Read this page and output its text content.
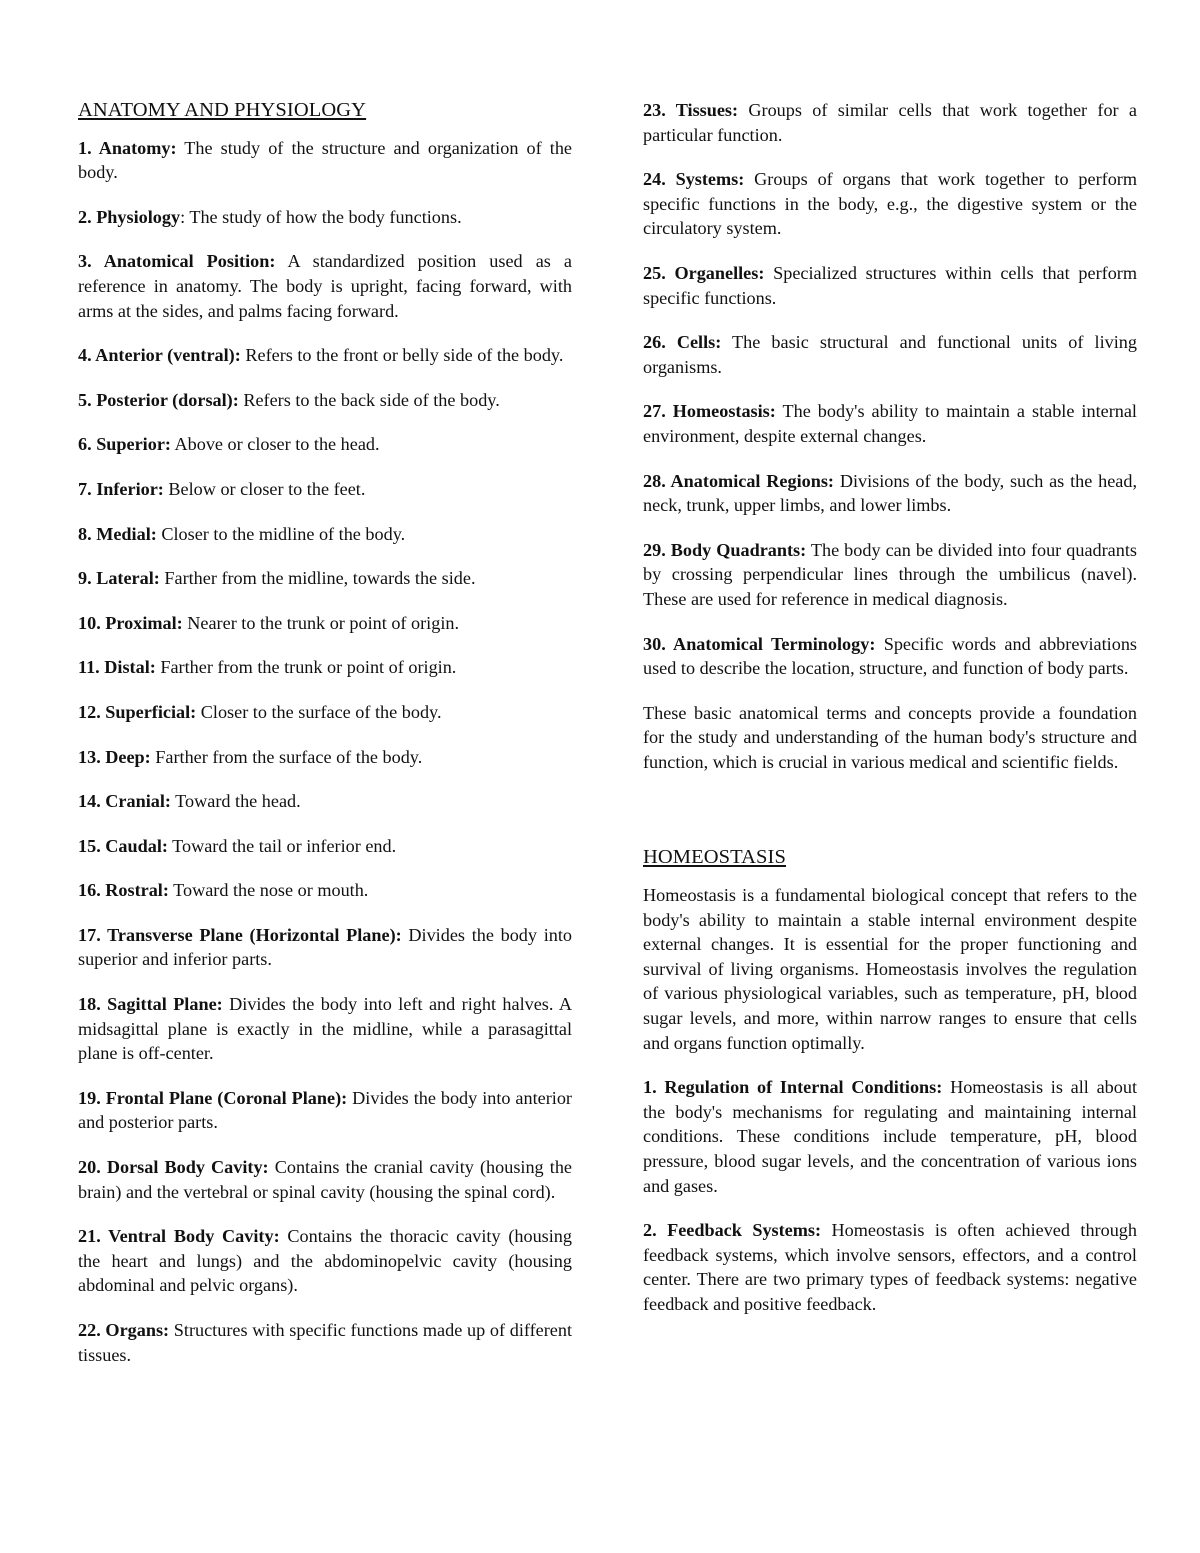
ANATOMY AND PHYSIOLOGY
1. Anatomy: The study of the structure and organization of the body.
2. Physiology: The study of how the body functions.
3. Anatomical Position: A standardized position used as a reference in anatomy. The body is upright, facing forward, with arms at the sides, and palms facing forward.
4. Anterior (ventral): Refers to the front or belly side of the body.
5. Posterior (dorsal): Refers to the back side of the body.
6. Superior: Above or closer to the head.
7. Inferior: Below or closer to the feet.
8. Medial: Closer to the midline of the body.
9. Lateral: Farther from the midline, towards the side.
10. Proximal: Nearer to the trunk or point of origin.
11. Distal: Farther from the trunk or point of origin.
12. Superficial: Closer to the surface of the body.
13. Deep: Farther from the surface of the body.
14. Cranial: Toward the head.
15. Caudal: Toward the tail or inferior end.
16. Rostral: Toward the nose or mouth.
17. Transverse Plane (Horizontal Plane): Divides the body into superior and inferior parts.
18. Sagittal Plane: Divides the body into left and right halves. A midsagittal plane is exactly in the midline, while a parasagittal plane is off-center.
19. Frontal Plane (Coronal Plane): Divides the body into anterior and posterior parts.
20. Dorsal Body Cavity: Contains the cranial cavity (housing the brain) and the vertebral or spinal cavity (housing the spinal cord).
21. Ventral Body Cavity: Contains the thoracic cavity (housing the heart and lungs) and the abdominopelvic cavity (housing abdominal and pelvic organs).
22. Organs: Structures with specific functions made up of different tissues.
23. Tissues: Groups of similar cells that work together for a particular function.
24. Systems: Groups of organs that work together to perform specific functions in the body, e.g., the digestive system or the circulatory system.
25. Organelles: Specialized structures within cells that perform specific functions.
26. Cells: The basic structural and functional units of living organisms.
27. Homeostasis: The body's ability to maintain a stable internal environment, despite external changes.
28. Anatomical Regions: Divisions of the body, such as the head, neck, trunk, upper limbs, and lower limbs.
29. Body Quadrants: The body can be divided into four quadrants by crossing perpendicular lines through the umbilicus (navel). These are used for reference in medical diagnosis.
30. Anatomical Terminology: Specific words and abbreviations used to describe the location, structure, and function of body parts.
These basic anatomical terms and concepts provide a foundation for the study and understanding of the human body's structure and function, which is crucial in various medical and scientific fields.
HOMEOSTASIS
Homeostasis is a fundamental biological concept that refers to the body's ability to maintain a stable internal environment despite external changes. It is essential for the proper functioning and survival of living organisms. Homeostasis involves the regulation of various physiological variables, such as temperature, pH, blood sugar levels, and more, within narrow ranges to ensure that cells and organs function optimally.
1. Regulation of Internal Conditions: Homeostasis is all about the body's mechanisms for regulating and maintaining internal conditions. These conditions include temperature, pH, blood pressure, blood sugar levels, and the concentration of various ions and gases.
2. Feedback Systems: Homeostasis is often achieved through feedback systems, which involve sensors, effectors, and a control center. There are two primary types of feedback systems: negative feedback and positive feedback.
